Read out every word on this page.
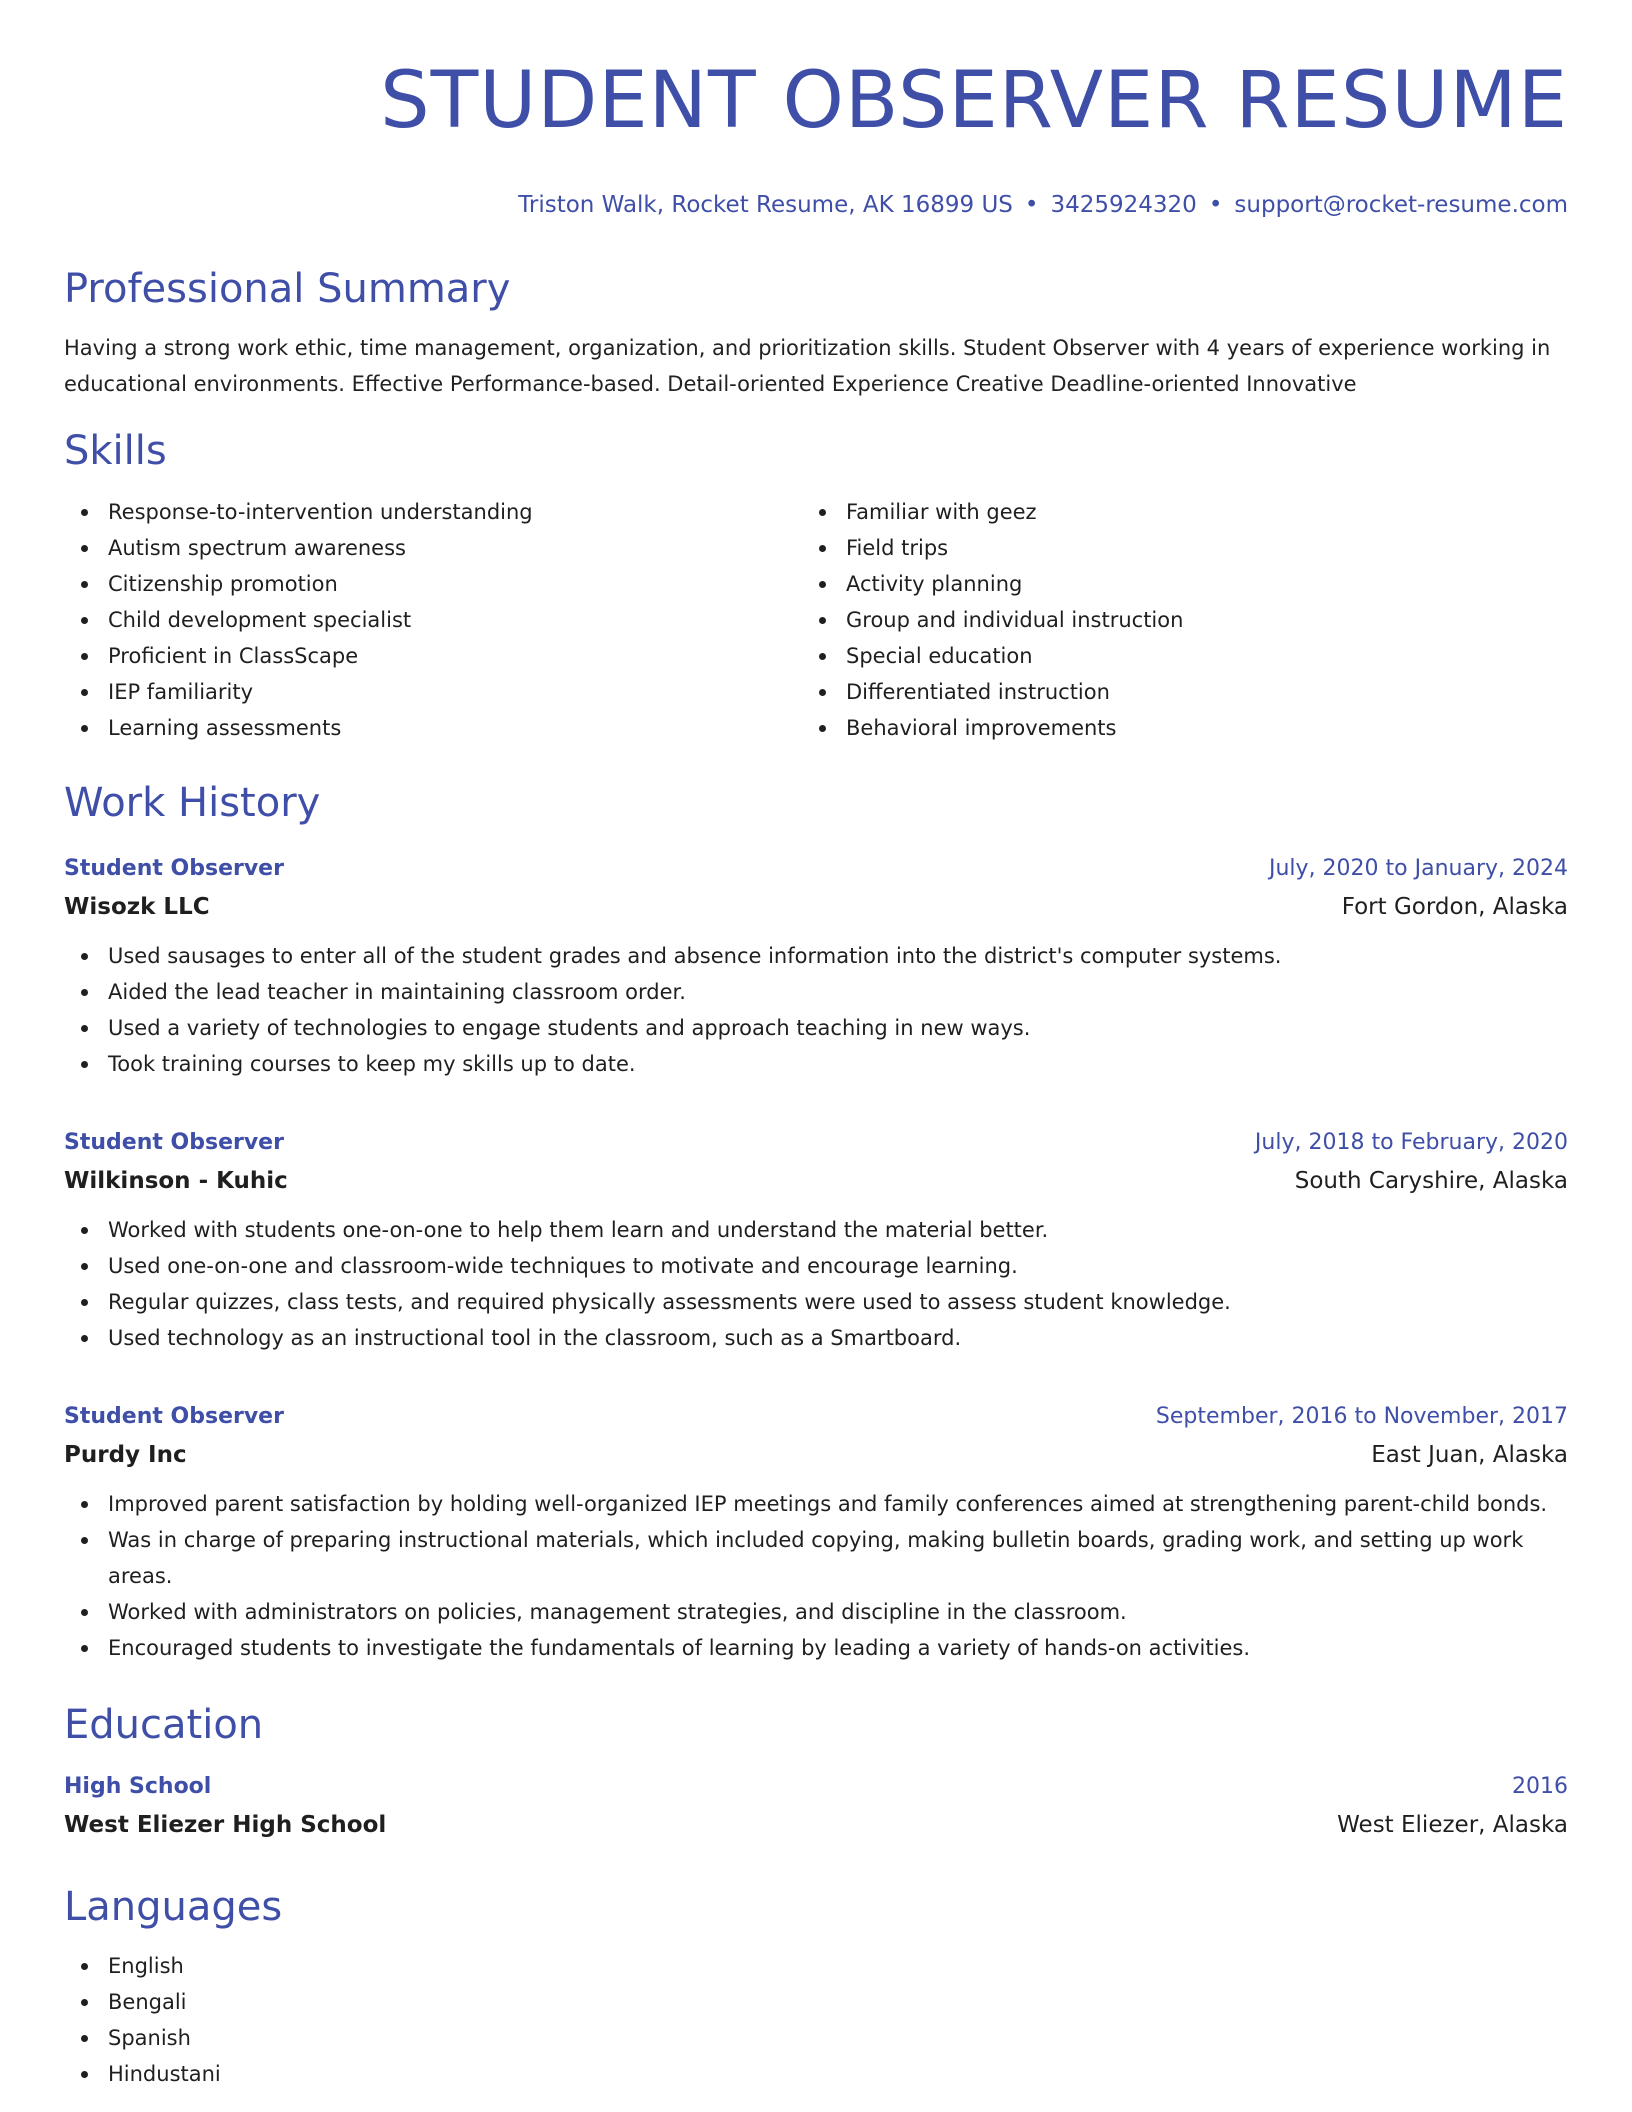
STUDENT OBSERVER RESUME
Triston Walk, Rocket Resume, AK 16899 US • 3425924320 • support@rocket-resume.com
Professional Summary
Having a strong work ethic, time management, organization, and prioritization skills. Student Observer with 4 years of experience working in educational environments. Effective Performance-based. Detail-oriented Experience Creative Deadline-oriented Innovative
Skills
Response-to-intervention understanding
Autism spectrum awareness
Citizenship promotion
Child development specialist
Proficient in ClassScape
IEP familiarity
Learning assessments
Familiar with geez
Field trips
Activity planning
Group and individual instruction
Special education
Differentiated instruction
Behavioral improvements
Work History
Student Observer	July, 2020 to January, 2024
Wisozk LLC	Fort Gordon, Alaska
Used sausages to enter all of the student grades and absence information into the district's computer systems.
Aided the lead teacher in maintaining classroom order.
Used a variety of technologies to engage students and approach teaching in new ways.
Took training courses to keep my skills up to date.
Student Observer	July, 2018 to February, 2020
Wilkinson - Kuhic	South Caryshire, Alaska
Worked with students one-on-one to help them learn and understand the material better.
Used one-on-one and classroom-wide techniques to motivate and encourage learning.
Regular quizzes, class tests, and required physically assessments were used to assess student knowledge.
Used technology as an instructional tool in the classroom, such as a Smartboard.
Student Observer	September, 2016 to November, 2017
Purdy Inc	East Juan, Alaska
Improved parent satisfaction by holding well-organized IEP meetings and family conferences aimed at strengthening parent-child bonds.
Was in charge of preparing instructional materials, which included copying, making bulletin boards, grading work, and setting up work areas.
Worked with administrators on policies, management strategies, and discipline in the classroom.
Encouraged students to investigate the fundamentals of learning by leading a variety of hands-on activities.
Education
High School	2016
West Eliezer High School	West Eliezer, Alaska
Languages
English
Bengali
Spanish
Hindustani
